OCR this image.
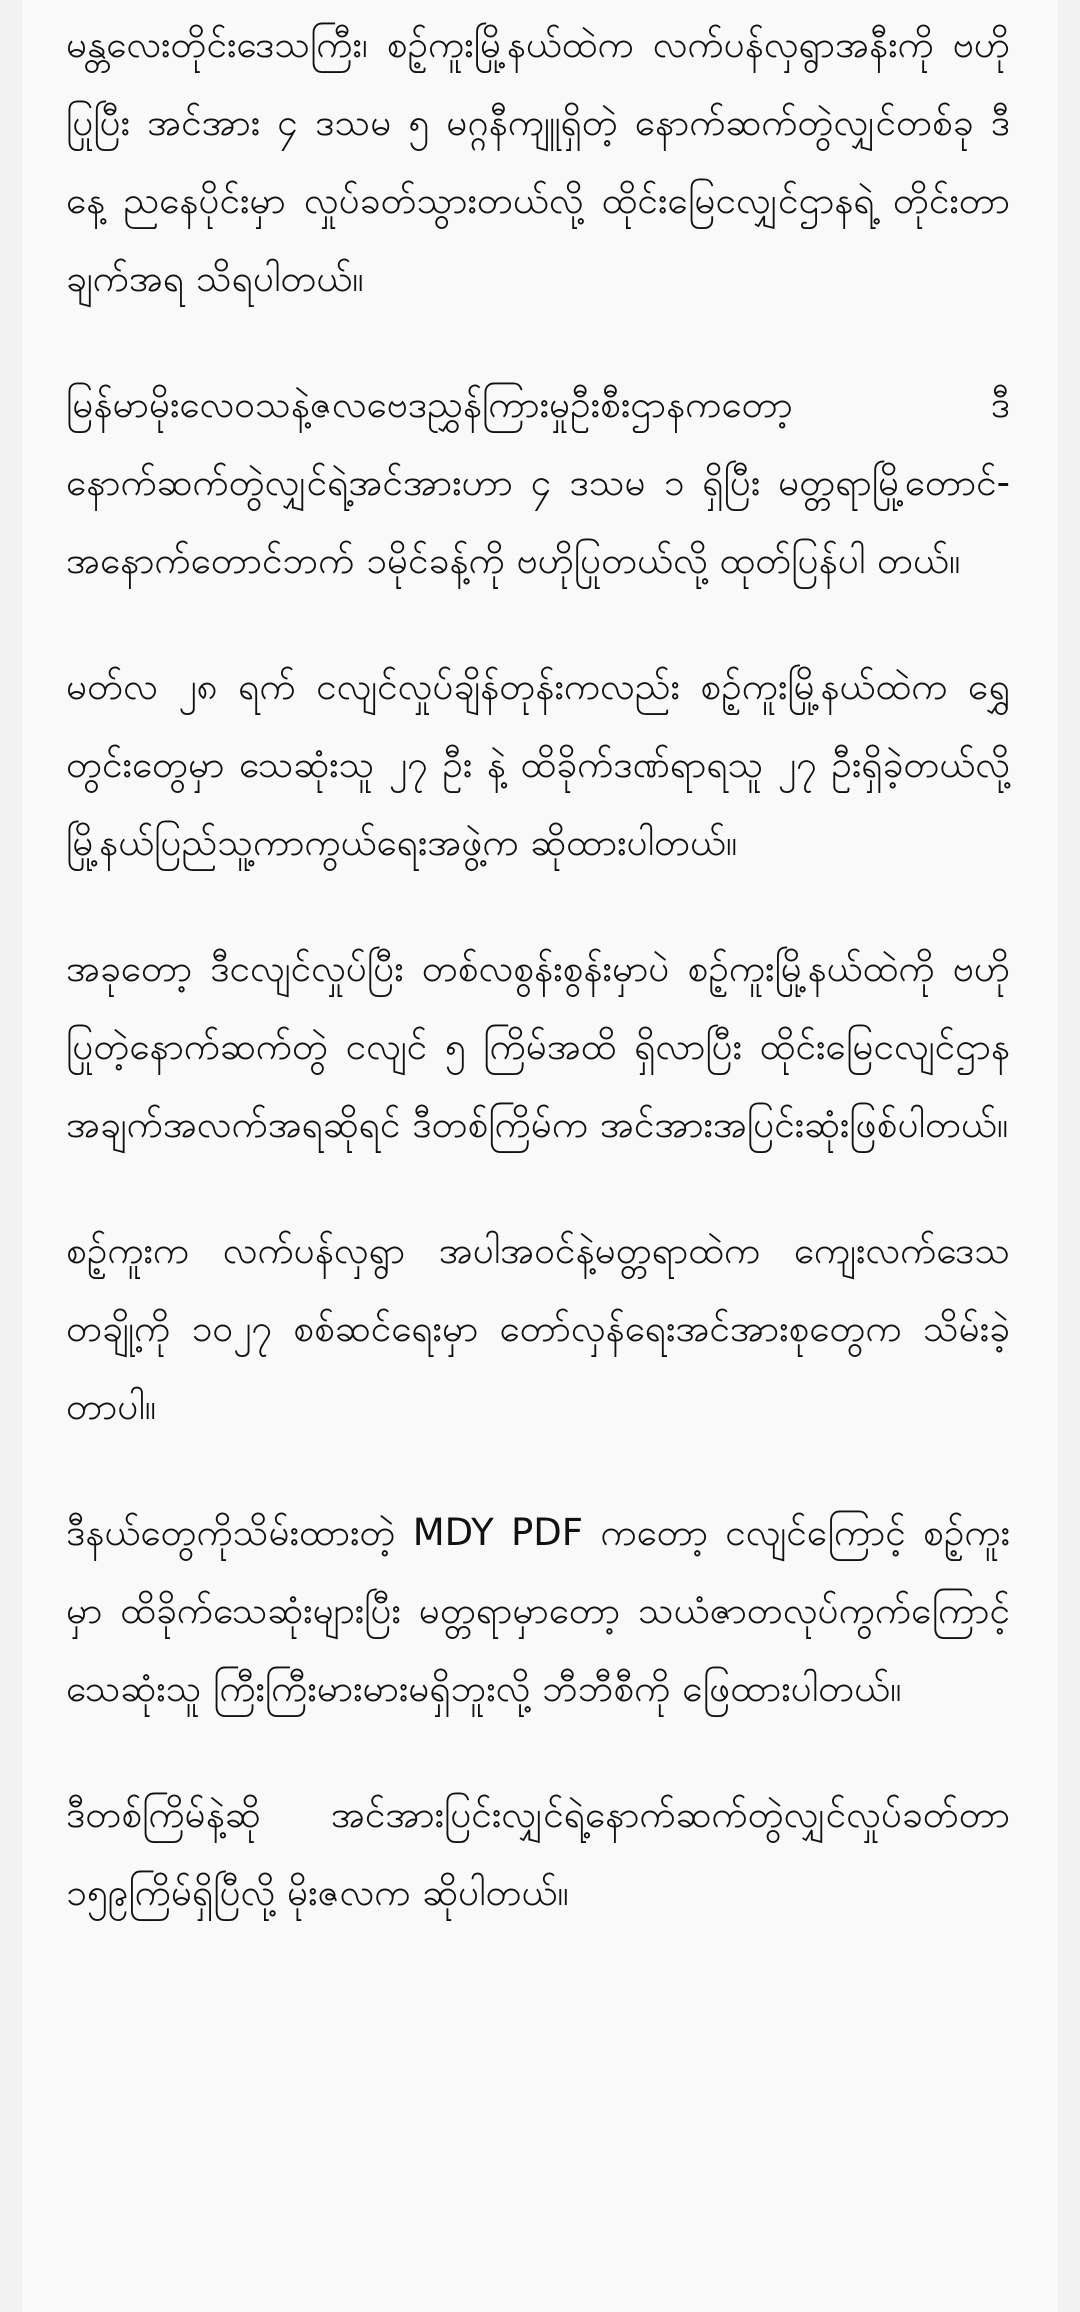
မန္တလေးတိုင်းဒေသကြီး၊ စဉ့်ကူးမြို့နယ်ထဲက လက်ပန်လှရွာအနီးကို ဗဟိုပြုပြီး အင်အား ၄ ဒသမ ၅ မဂ္ဂနီကျူရှိတဲ့ နောက်ဆက်တွဲလျှင်တစ်ခု ဒီနေ့ ညနေပိုင်းမှာ လှုပ်ခတ်သွားတယ်လို့ ထိုင်းမြေငလျှင်ဌာနရဲ့ တိုင်းတာချက်အရ သိရပါတယ်။

မြန်မာမိုးလေဝသနဲ့ဇလဗေဒညွှန်ကြားမှုဦးစီးဌာနကတော့ ဒီနောက်ဆက်တွဲလျှင်ရဲ့အင်အားဟာ ၄ ဒသမ ၁ ရှိပြီး မတ္တရာမြို့တောင်-အနောက်တောင်ဘက် ၁မိုင်ခန့်ကို ဗဟိုပြုတယ်လို့ ထုတ်ပြန်ပါ တယ်။

မတ်လ ၂၈ ရက် ငလျင်လှုပ်ချိန်တုန်းကလည်း စဉ့်ကူးမြို့နယ်ထဲက ရွှေတွင်းတွေမှာ သေဆုံးသူ ၂၇ ဦး နဲ့ ထိခိုက်ဒဏ်ရာရသူ ၂၇ ဦးရှိခဲ့တယ်လို့ မြို့နယ်ပြည်သူ့ကာကွယ်ရေးအဖွဲ့က ဆိုထားပါတယ်။

အခုတော့ ဒီငလျင်လှုပ်ပြီး တစ်လစွန်းစွန်းမှာပဲ စဉ့်ကူးမြို့နယ်ထဲကို ဗဟိုပြုတဲ့နောက်ဆက်တွဲ ငလျင် ၅ ကြိမ်အထိ ရှိလာပြီး ထိုင်းမြေငလျင်ဌာန အချက်အလက်အရဆိုရင် ဒီတစ်ကြိမ်က အင်အားအပြင်းဆုံးဖြစ်ပါတယ်။

စဉ့်ကူးက လက်ပန်လှရွာ အပါအဝင်နဲ့မတ္တရာထဲက ကျေးလက်ဒေသတချို့ကို ၁၀၂၇ စစ်ဆင်ရေးမှာ တော်လှန်ရေးအင်အားစုတွေက သိမ်းခဲ့တာပါ။

ဒီနယ်တွေကိုသိမ်းထားတဲ့ MDY PDF ကတော့ ငလျင်ကြောင့် စဉ့်ကူးမှာ ထိခိုက်သေဆုံးများပြီး မတ္တရာမှာတော့ သယံဇာတလုပ်ကွက်ကြောင့် သေဆုံးသူ ကြီးကြီးမားမားမရှိဘူးလို့ ဘီဘီစီကို ဖြေထားပါတယ်။

ဒီတစ်ကြိမ်နဲ့ဆို အင်အားပြင်းလျှင်ရဲ့နောက်ဆက်တွဲလျှင်လှုပ်ခတ်တာ ၁၅၉ကြိမ်ရှိပြီလို့ မိုးဇလက ဆိုပါတယ်။
